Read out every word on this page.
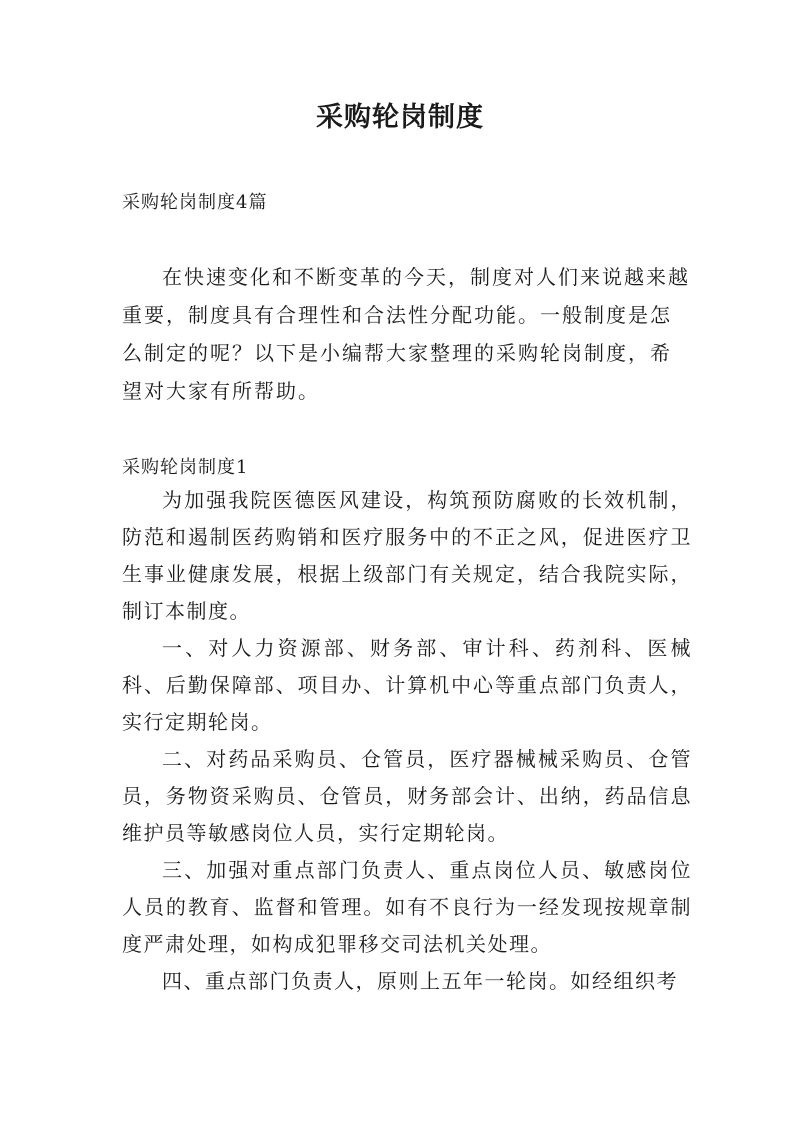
采购轮岗制度
采购轮岗制度4篇

在快速变化和不断变革的今天，制度对人们来说越来越重要，制度具有合理性和合法性分配功能。一般制度是怎么制定的呢？以下是小编帮大家整理的采购轮岗制度，希望对大家有所帮助。

采购轮岗制度1

为加强我院医德医风建设，构筑预防腐败的长效机制，防范和遏制医药购销和医疗服务中的不正之风，促进医疗卫生事业健康发展，根据上级部门有关规定，结合我院实际，制订本制度。

一、对人力资源部、财务部、审计科、药剂科、医械科、后勤保障部、项目办、计算机中心等重点部门负责人，实行定期轮岗。

二、对药品采购员、仓管员，医疗器械械采购员、仓管员，务物资采购员、仓管员，财务部会计、出纳，药品信息维护员等敏感岗位人员，实行定期轮岗。

三、加强对重点部门负责人、重点岗位人员、敏感岗位人员的教育、监督和管理。如有不良行为一经发现按规章制度严肃处理，如构成犯罪移交司法机关处理。

四、重点部门负责人，原则上五年一轮岗。如经组织考
